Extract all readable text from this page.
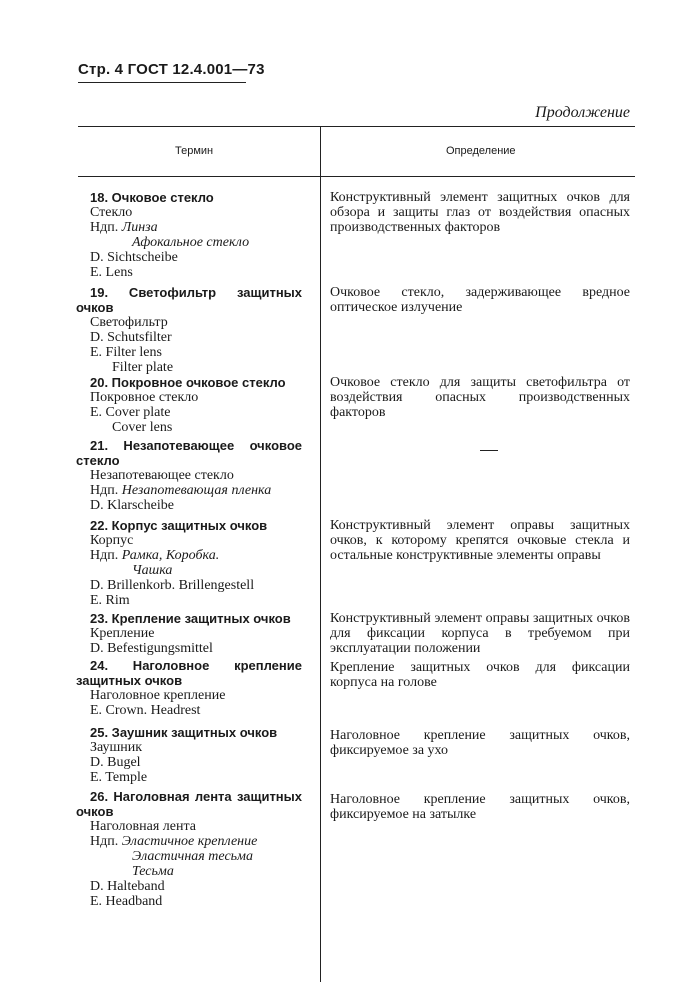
Стр. 4 ГОСТ 12.4.001—73
Продолжение
Термин	Определение
18. Очковое стекло
Стекло
Ндп. Линза
Афокальное стекло
D. Sichtscheibe
E. Lens
Конструктивный элемент защитных очков для обзора и защиты глаз от воздействия опасных производственных факторов
19. Светофильтр защитных очков
Светофильтр
D. Schutsfilter
E. Filter lens
Filter plate
Очковое стекло, задерживающее вредное оптическое излучение
20. Покровное очковое стекло
Покровное стекло
E. Cover plate
Cover lens
Очковое стекло для защиты светофильтра от воздействия опасных производственных факторов
21. Незапотевающее очковое стекло
Незапотевающее стекло
Ндп. Незапотевающая пленка
D. Klarscheibe
22. Корпус защитных очков
Корпус
Ндп. Рамка, Коробка.
Чашка
D. Brillenkorb. Brillengestell
E. Rim
Конструктивный элемент оправы защитных очков, к которому крепятся очковые стекла и остальные конструктивные элементы оправы
23. Крепление защитных очков
Крепление
D. Befestigungsmittel
Конструктивный элемент оправы защитных очков для фиксации корпуса в требуемом при эксплуатации положении
24. Наголовное крепление защитных очков
Наголовное крепление
E. Crown. Headrest
Крепление защитных очков для фиксации корпуса на голове
25. Заушник защитных очков
Заушник
D. Bugel
E. Temple
Наголовное крепление защитных очков, фиксируемое за ухо
26. Наголовная лента защитных очков
Наголовная лента
Ндп. Эластичное крепление
Эластичная тесьма
Тесьма
D. Halteband
E. Headband
Наголовное крепление защитных очков, фиксируемое на затылке
